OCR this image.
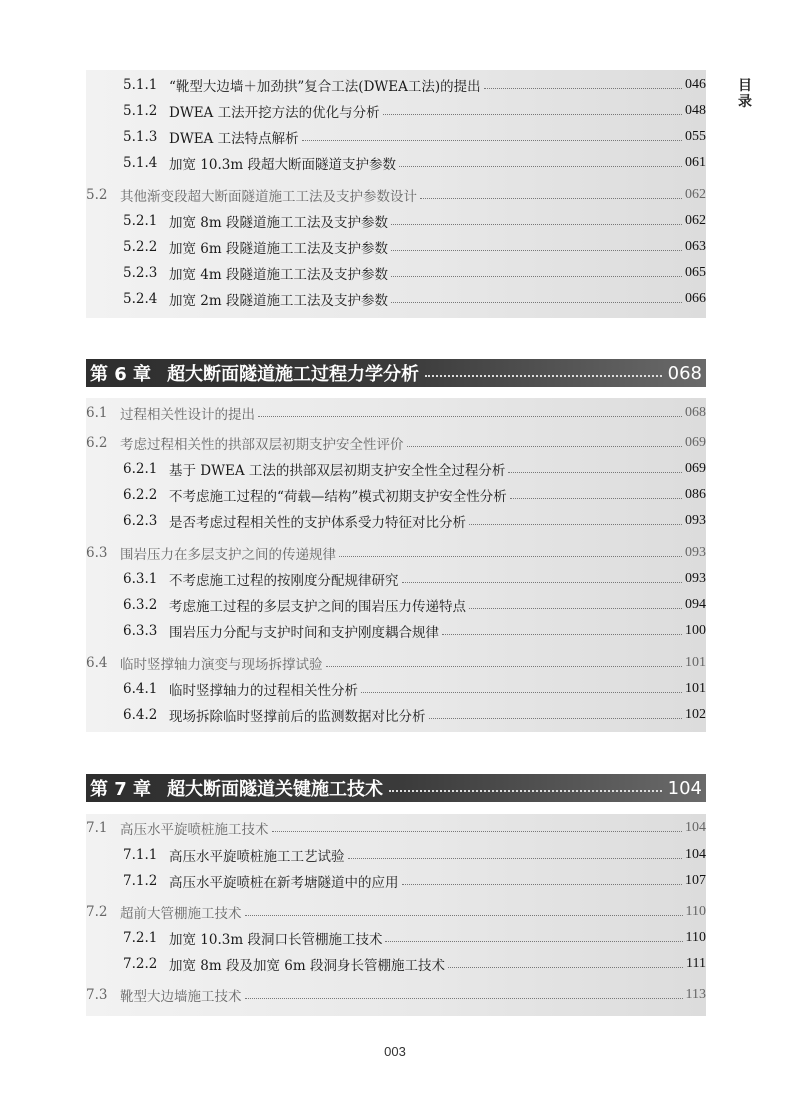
目
录
5.1.1 “靴型大边墙＋加劲拱”复合工法(DWEA工法)的提出	046
5.1.2 DWEA 工法开挖方法的优化与分析	048
5.1.3 DWEA 工法特点解析	055
5.1.4 加宽 10.3m 段超大断面隧道支护参数	061
5.2 其他渐变段超大断面隧道施工工法及支护参数设计	062
5.2.1 加宽 8m 段隧道施工工法及支护参数	062
5.2.2 加宽 6m 段隧道施工工法及支护参数	063
5.2.3 加宽 4m 段隧道施工工法及支护参数	065
5.2.4 加宽 2m 段隧道施工工法及支护参数	066
第 6 章 超大断面隧道施工过程力学分析	068
6.1 过程相关性设计的提出	068
6.2 考虑过程相关性的拱部双层初期支护安全性评价	069
6.2.1 基于 DWEA 工法的拱部双层初期支护安全性全过程分析	069
6.2.2 不考虑施工过程的“荷载—结构”模式初期支护安全性分析	086
6.2.3 是否考虑过程相关性的支护体系受力特征对比分析	093
6.3 围岩压力在多层支护之间的传递规律	093
6.3.1 不考虑施工过程的按刚度分配规律研究	093
6.3.2 考虑施工过程的多层支护之间的围岩压力传递特点	094
6.3.3 围岩压力分配与支护时间和支护刚度耦合规律	100
6.4 临时竖撑轴力演变与现场拆撑试验	101
6.4.1 临时竖撑轴力的过程相关性分析	101
6.4.2 现场拆除临时竖撑前后的监测数据对比分析	102
第 7 章 超大断面隧道关键施工技术	104
7.1 高压水平旋喷桩施工技术	104
7.1.1 高压水平旋喷桩施工工艺试验	104
7.1.2 高压水平旋喷桩在新考塘隧道中的应用	107
7.2 超前大管棚施工技术	110
7.2.1 加宽 10.3m 段洞口长管棚施工技术	110
7.2.2 加宽 8m 段及加宽 6m 段洞身长管棚施工技术	111
7.3 靴型大边墙施工技术	113
003
